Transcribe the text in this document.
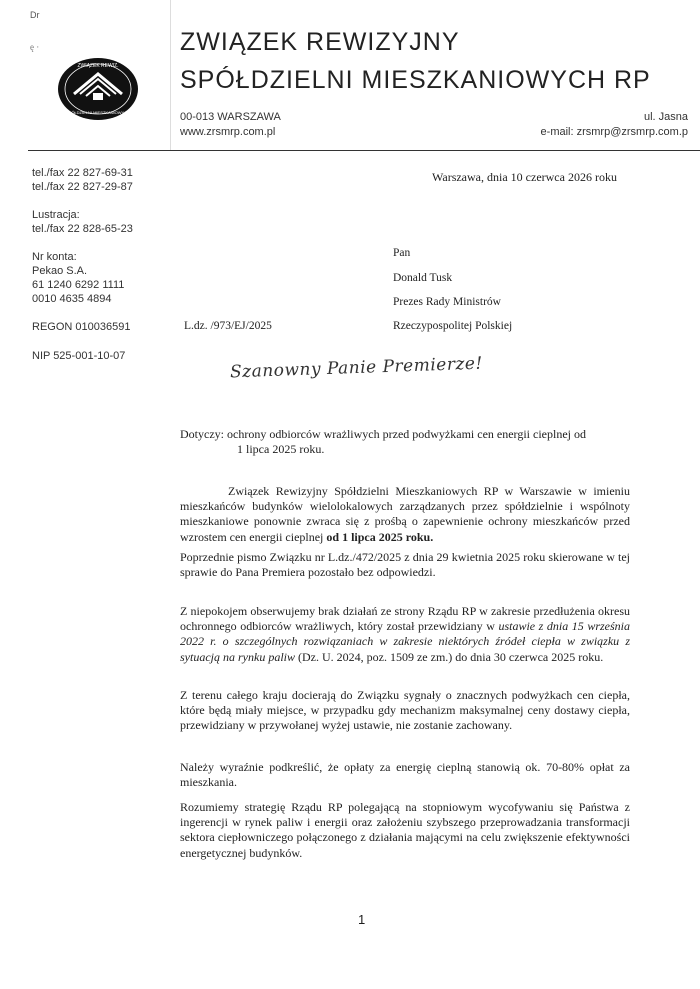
Dr
ę ·
ZWIĄZEK REWIZ.
SPÓŁDZIELNI MIESZKANIOWYCH
ZWIĄZEK REWIZYJNY
SPÓŁDZIELNI MIESZKANIOWYCH RP
00-013 WARSZAWA
www.zrsmrp.com.pl
ul. Jasna
e-mail: zrsmrp@zrsmrp.com.p
tel./fax 22 827-69-31
tel./fax 22 827-29-87
Lustracja:
tel./fax 22 828-65-23
Nr konta:
Pekao S.A.
61 1240 6292 1111
0010 4635 4894
REGON 010036591
NIP 525-001-10-07
Warszawa, dnia 10 czerwca 2026 roku
Pan
Donald Tusk
Prezes Rady Ministrów
Rzeczypospolitej Polskiej
L.dz. /973/EJ/2025
Szanowny Panie Premierze!
Dotyczy: ochrony odbiorców wrażliwych przed podwyżkami cen energii cieplnej od
1 lipca 2025 roku.
Związek Rewizyjny Spółdzielni Mieszkaniowych RP w Warszawie w imieniu mieszkańców budynków wielolokalowych zarządzanych przez spółdzielnie i wspólnoty mieszkaniowe ponownie zwraca się z prośbą o zapewnienie ochrony mieszkańców przed wzrostem cen energii cieplnej od 1 lipca 2025 roku.
Poprzednie pismo Związku nr L.dz./472/2025 z dnia 29 kwietnia 2025 roku skierowane w tej sprawie do Pana Premiera pozostało bez odpowiedzi.
Z niepokojem obserwujemy brak działań ze strony Rządu RP w zakresie przedłużenia okresu ochronnego odbiorców wrażliwych, który został przewidziany w ustawie z dnia 15 września 2022 r. o szczególnych rozwiązaniach w zakresie niektórych źródeł ciepła w związku z sytuacją na rynku paliw (Dz. U. 2024, poz. 1509 ze zm.) do dnia 30 czerwca 2025 roku.
Z terenu całego kraju docierają do Związku sygnały o znacznych podwyżkach cen ciepła, które będą miały miejsce, w przypadku gdy mechanizm maksymalnej ceny dostawy ciepła, przewidziany w przywołanej wyżej ustawie, nie zostanie zachowany.
Należy wyraźnie podkreślić, że opłaty za energię cieplną stanowią ok. 70-80% opłat za mieszkania.
Rozumiemy strategię Rządu RP polegającą na stopniowym wycofywaniu się Państwa z ingerencji w rynek paliw i energii oraz założeniu szybszego przeprowadzania transformacji sektora ciepłowniczego połączonego z działania mającymi na celu zwiększenie efektywności energetycznej budynków.
1
